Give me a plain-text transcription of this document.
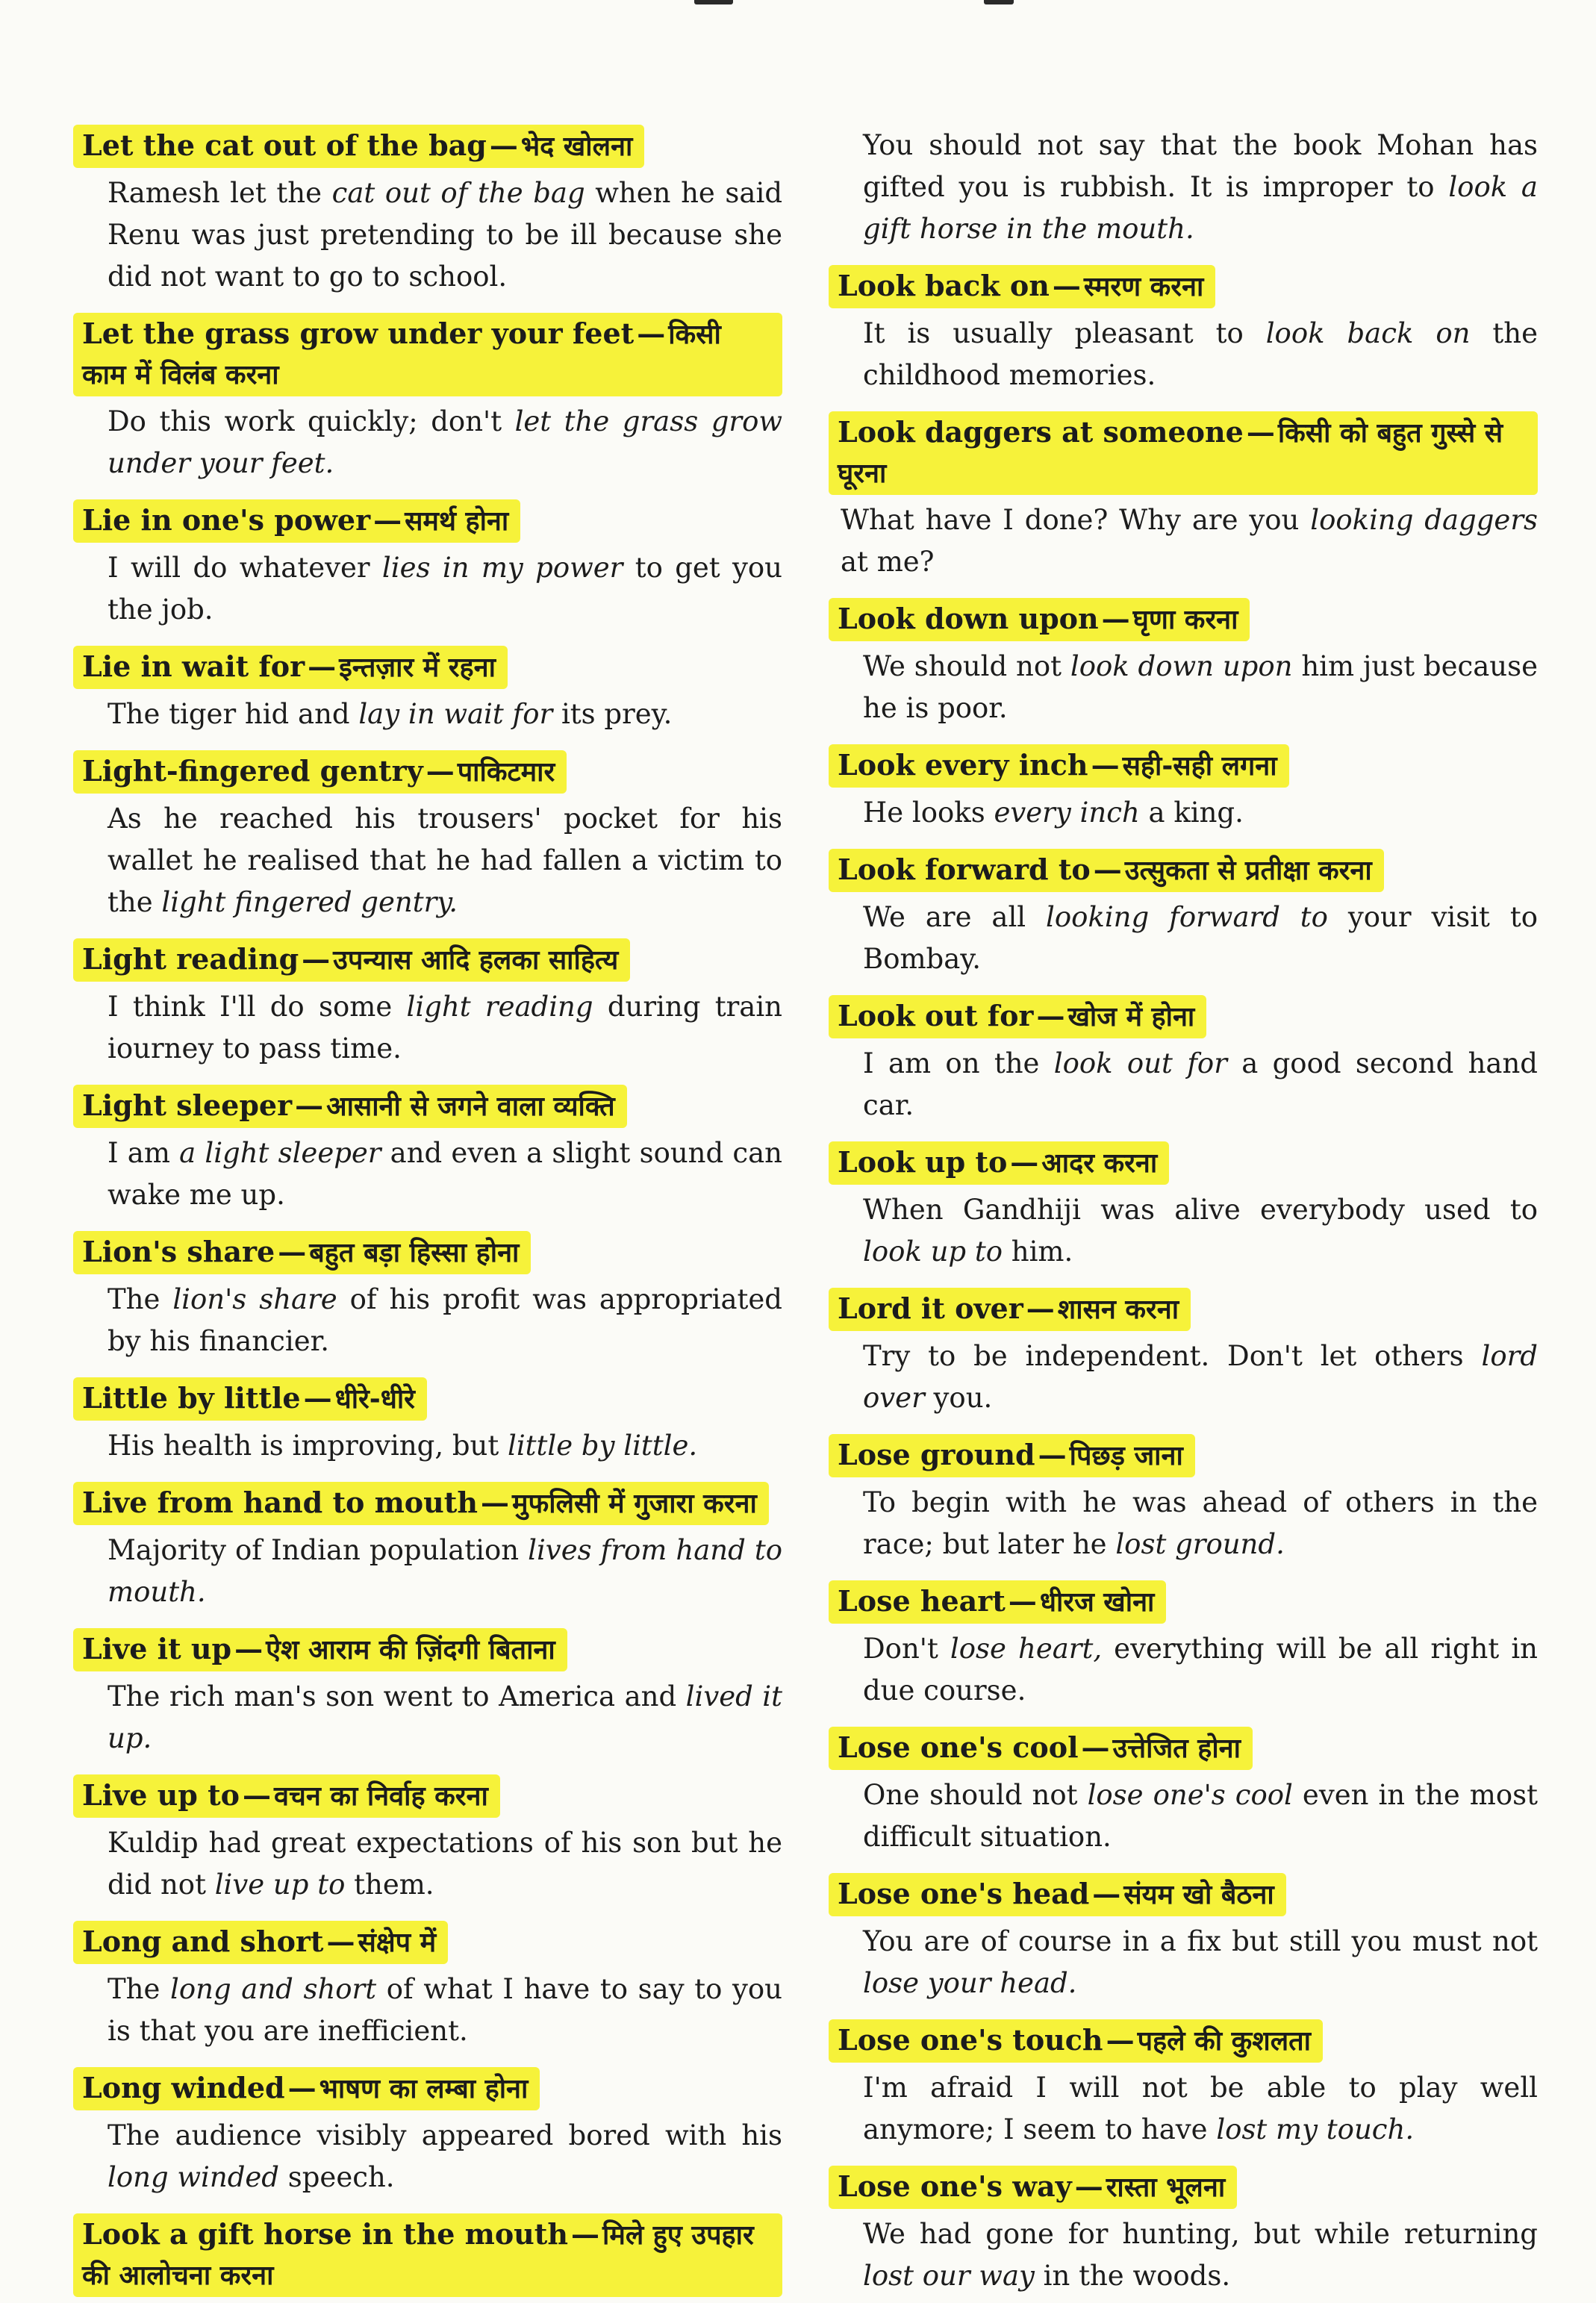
Let the cat out of the bag — भेद खोलना

Ramesh let the cat out of the bag when he said Renu was just pretending to be ill because she did not want to go to school.

Let the grass grow under your feet — किसी काम में विलंब करना

Do this work quickly; don't let the grass grow under your feet.

Lie in one's power — समर्थ होना

I will do whatever lies in my power to get you the job.

Lie in wait for — इन्तज़ार में रहना

The tiger hid and lay in wait for its prey.

Light-fingered gentry — पाकिटमार

As he reached his trousers' pocket for his wallet he realised that he had fallen a victim to the light fingered gentry.

Light reading — उपन्यास आदि हलका साहित्य

I think I'll do some light reading during train iourney to pass time.

Light sleeper — आसानी से जगने वाला व्यक्ति

I am a light sleeper and even a slight sound can wake me up.

Lion's share — बहुत बड़ा हिस्सा होना

The lion's share of his profit was appropriated by his financier.

Little by little — धीरे-धीरे

His health is improving, but little by little.

Live from hand to mouth — मुफलिसी में गुजारा करना

Majority of Indian population lives from hand to mouth.

Live it up — ऐश आराम की ज़िंदगी बिताना

The rich man's son went to America and lived it up.

Live up to — वचन का निर्वाह करना

Kuldip had great expectations of his son but he did not live up to them.

Long and short — संक्षेप में

The long and short of what I have to say to you is that you are inefficient.

Long winded — भाषण का लम्बा होना

The audience visibly appeared bored with his long winded speech.

Look a gift horse in the mouth — मिले हुए उपहार की आलोचना करना

You should not say that the book Mohan has gifted you is rubbish. It is improper to look a gift horse in the mouth.

Look back on — स्मरण करना

It is usually pleasant to look back on the childhood memories.

Look daggers at someone — किसी को बहुत गुस्से से घूरना

What have I done? Why are you looking daggers at me?

Look down upon — घृणा करना

We should not look down upon him just because he is poor.

Look every inch — सही-सही लगना

He looks every inch a king.

Look forward to — उत्सुकता से प्रतीक्षा करना

We are all looking forward to your visit to Bombay.

Look out for — खोज में होना

I am on the look out for a good second hand car.

Look up to — आदर करना

When Gandhiji was alive everybody used to look up to him.

Lord it over — शासन करना

Try to be independent. Don't let others lord over you.

Lose ground — पिछड़ जाना

To begin with he was ahead of others in the race; but later he lost ground.

Lose heart — धीरज खोना

Don't lose heart, everything will be all right in due course.

Lose one's cool — उत्तेजित होना

One should not lose one's cool even in the most difficult situation.

Lose one's head — संयम खो बैठना

You are of course in a fix but still you must not lose your head.

Lose one's touch — पहले की कुशलता

I'm afraid I will not be able to play well anymore; I seem to have lost my touch.

Lose one's way — रास्ता भूलना

We had gone for hunting, but while returning lost our way in the woods.
